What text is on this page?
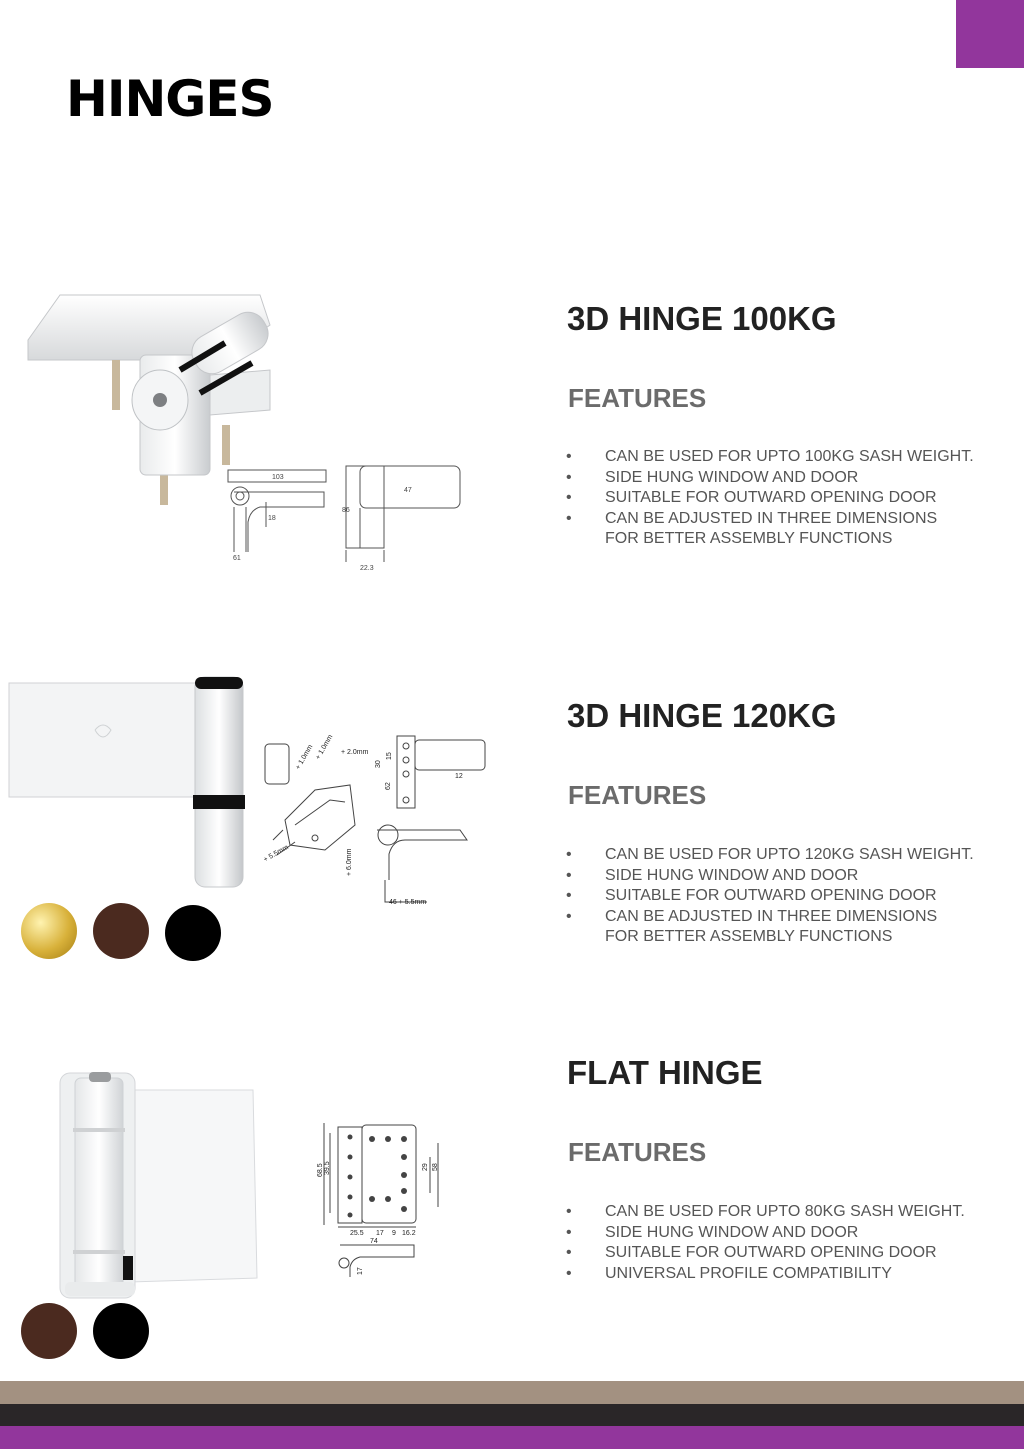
HINGES
103
18
61
86
47
22.3
3D HINGE 100KG
FEATURES
• CAN BE USED FOR UPTO 100KG SASH WEIGHT.
• SIDE HUNG WINDOW AND DOOR
• SUITABLE FOR OUTWARD OPENING DOOR
• CAN BE ADJUSTED IN THREE DIMENSIONS
FOR BETTER ASSEMBLY FUNCTIONS
+ 2.0mm
+ 1.0mm
+ 1.0mm
+ 5.5mm	+ 6.0mm
30
15
62
12
46 + 5.5mm
3D HINGE 120KG
FEATURES
• CAN BE USED FOR UPTO 120KG SASH WEIGHT.
• SIDE HUNG WINDOW AND DOOR
• SUITABLE FOR OUTWARD OPENING DOOR
• CAN BE ADJUSTED IN THREE DIMENSIONS
FOR BETTER ASSEMBLY FUNCTIONS
68.5 39.5	29 58
25.5 17 9 16.2
74
17
FLAT HINGE
FEATURES
• CAN BE USED FOR UPTO 80KG SASH WEIGHT.
• SIDE HUNG WINDOW AND DOOR
• SUITABLE FOR OUTWARD OPENING DOOR
• UNIVERSAL PROFILE COMPATIBILITY
